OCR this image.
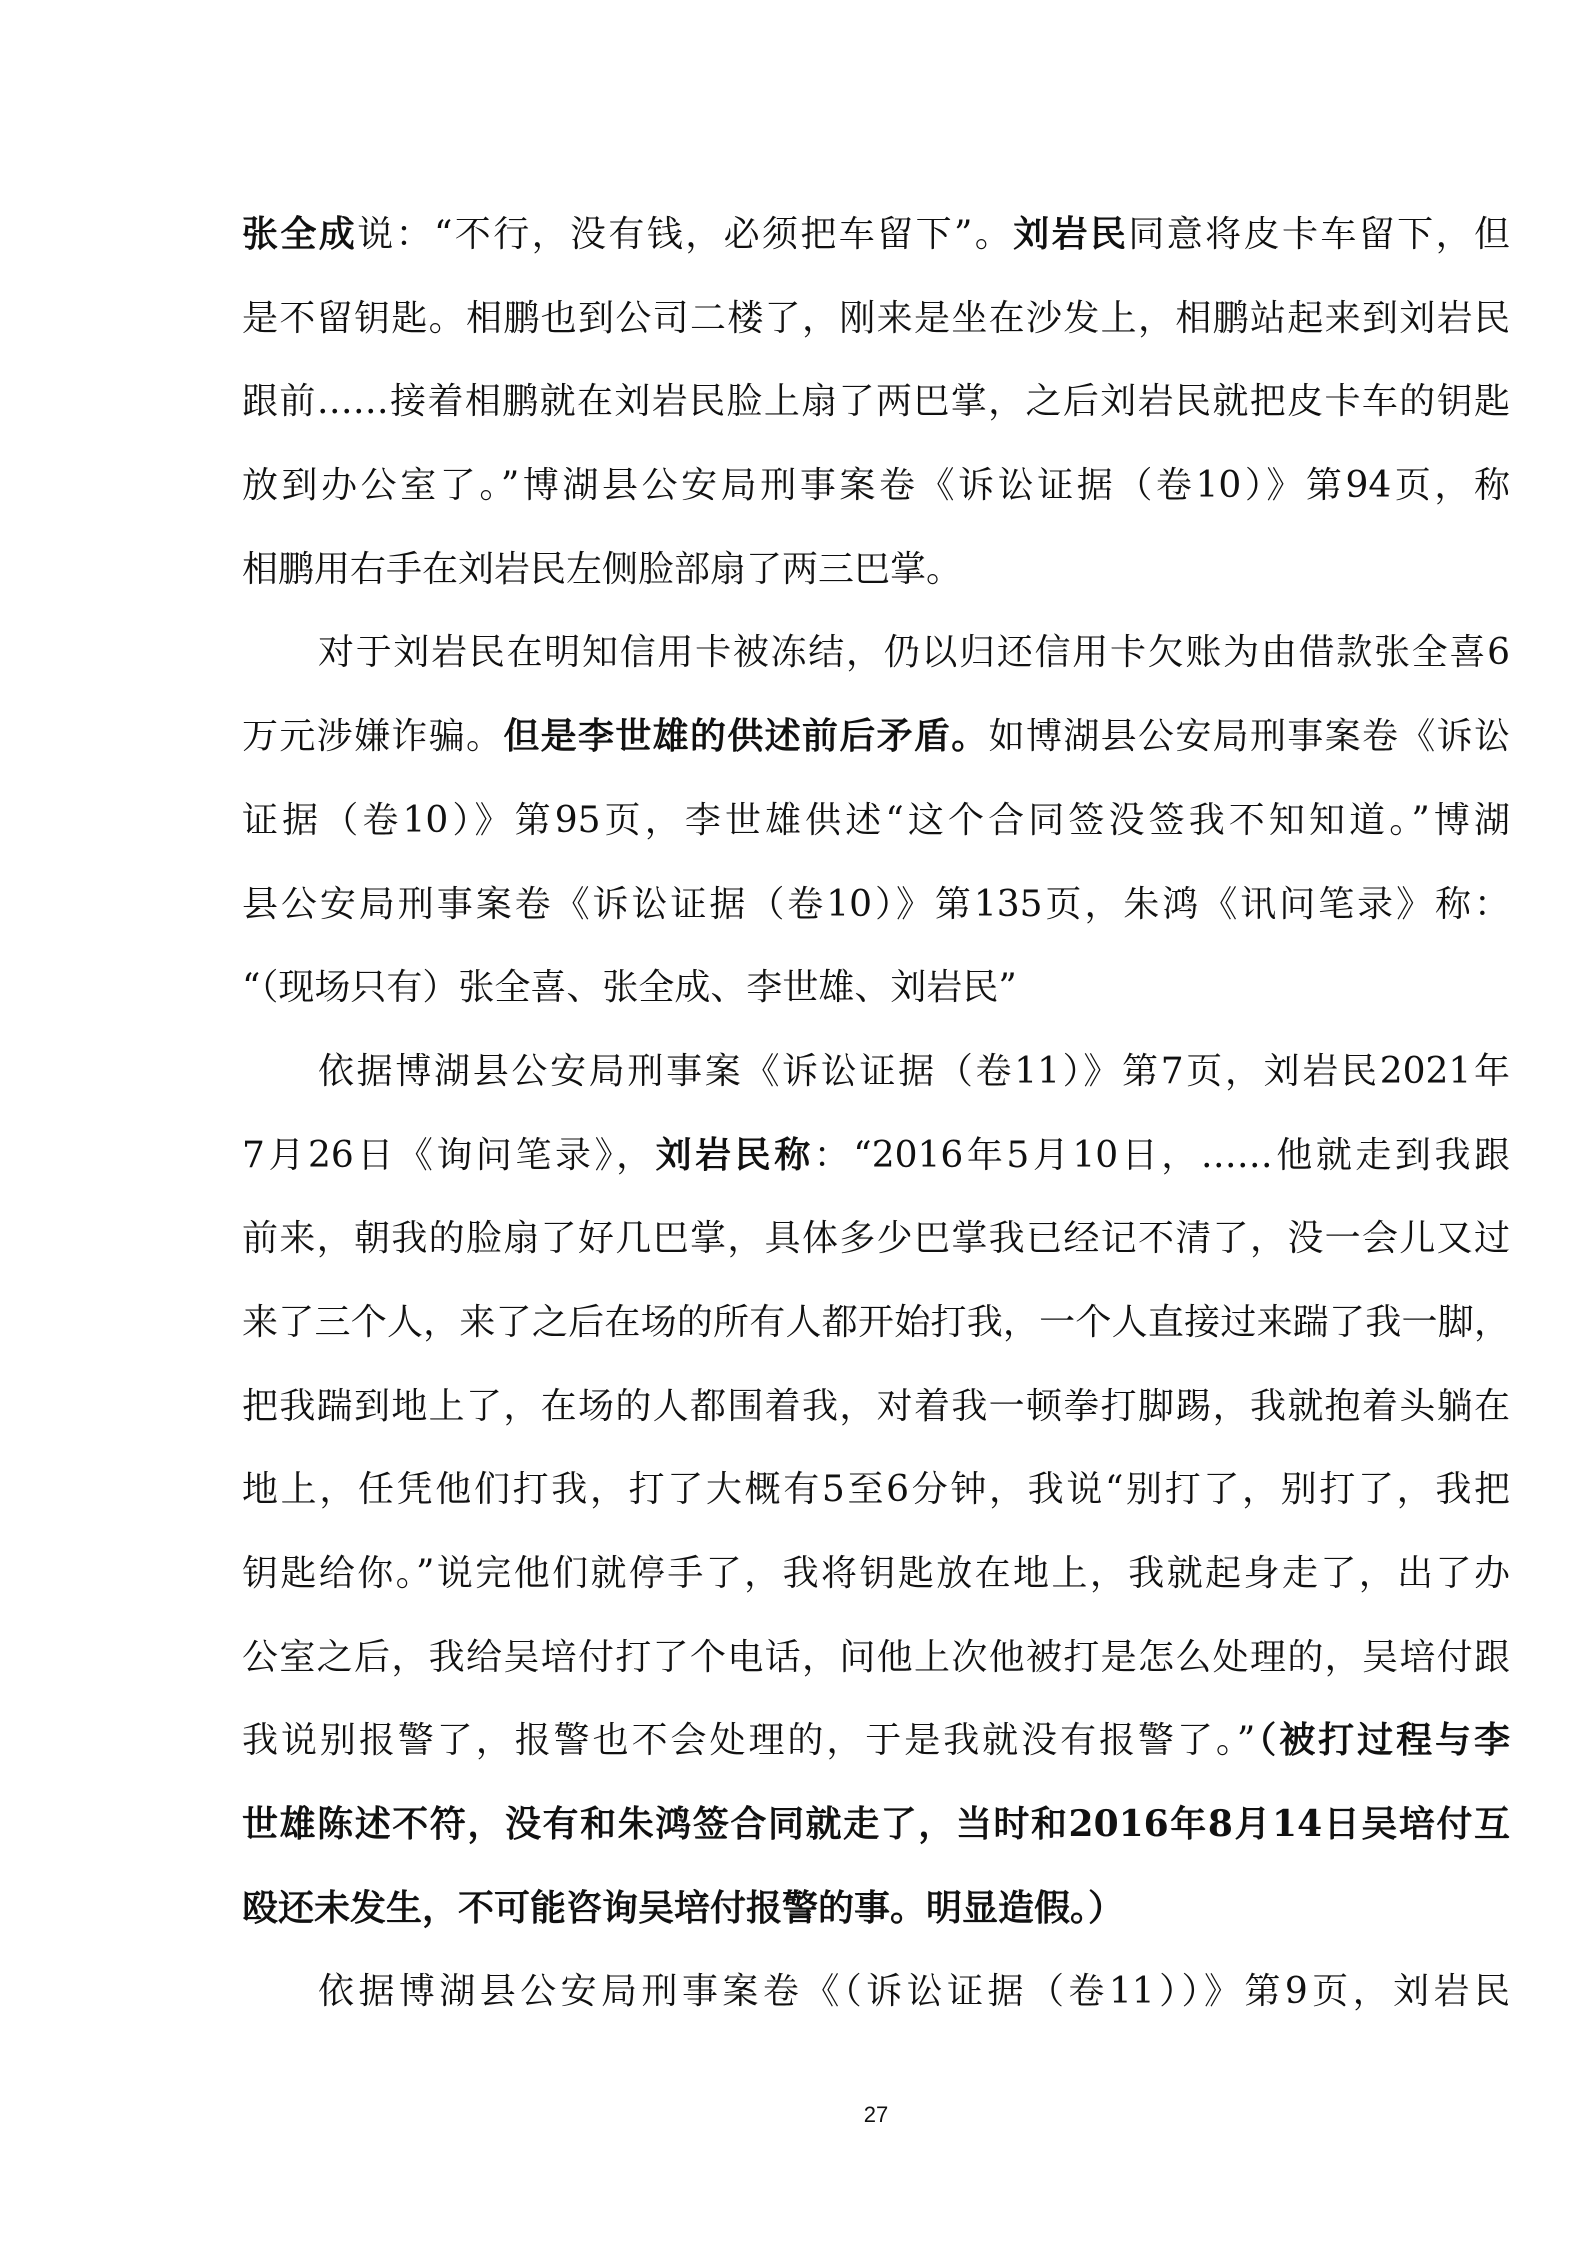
张全成说：“不行，没有钱，必须把车留下”。刘岩民同意将皮卡车留下，但
是不留钥匙。相鹏也到公司二楼了，刚来是坐在沙发上，相鹏站起来到刘岩民
跟前……接着相鹏就在刘岩民脸上扇了两巴掌，之后刘岩民就把皮卡车的钥匙
放到办公室了。”博湖县公安局刑事案卷《诉讼证据（卷10）》第94页，称
相鹏用右手在刘岩民左侧脸部扇了两三巴掌。
对于刘岩民在明知信用卡被冻结，仍以归还信用卡欠账为由借款张全喜6
万元涉嫌诈骗。但是李世雄的供述前后矛盾。如博湖县公安局刑事案卷《诉讼
证据（卷10）》第95页，李世雄供述“这个合同签没签我不知知道。”博湖
县公安局刑事案卷《诉讼证据（卷10）》第135页，朱鸿《讯问笔录》称：
“（现场只有）张全喜、张全成、李世雄、刘岩民”
依据博湖县公安局刑事案《诉讼证据（卷11）》第7页，刘岩民2021年
7月26日《询问笔录》，刘岩民称：“2016年5月10日，……他就走到我跟
前来，朝我的脸扇了好几巴掌，具体多少巴掌我已经记不清了，没一会儿又过
来了三个人，来了之后在场的所有人都开始打我，一个人直接过来踹了我一脚，
把我踹到地上了，在场的人都围着我，对着我一顿拳打脚踢，我就抱着头躺在
地上，任凭他们打我，打了大概有5至6分钟，我说“别打了，别打了，我把
钥匙给你。”说完他们就停手了，我将钥匙放在地上，我就起身走了，出了办
公室之后，我给吴培付打了个电话，问他上次他被打是怎么处理的，吴培付跟
我说别报警了，报警也不会处理的，于是我就没有报警了。”（被打过程与李
世雄陈述不符，没有和朱鸿签合同就走了，当时和2016年8月14日吴培付互
殴还未发生，不可能咨询吴培付报警的事。明显造假。）
依据博湖县公安局刑事案卷《（诉讼证据（卷11））》第9页，刘岩民
27
